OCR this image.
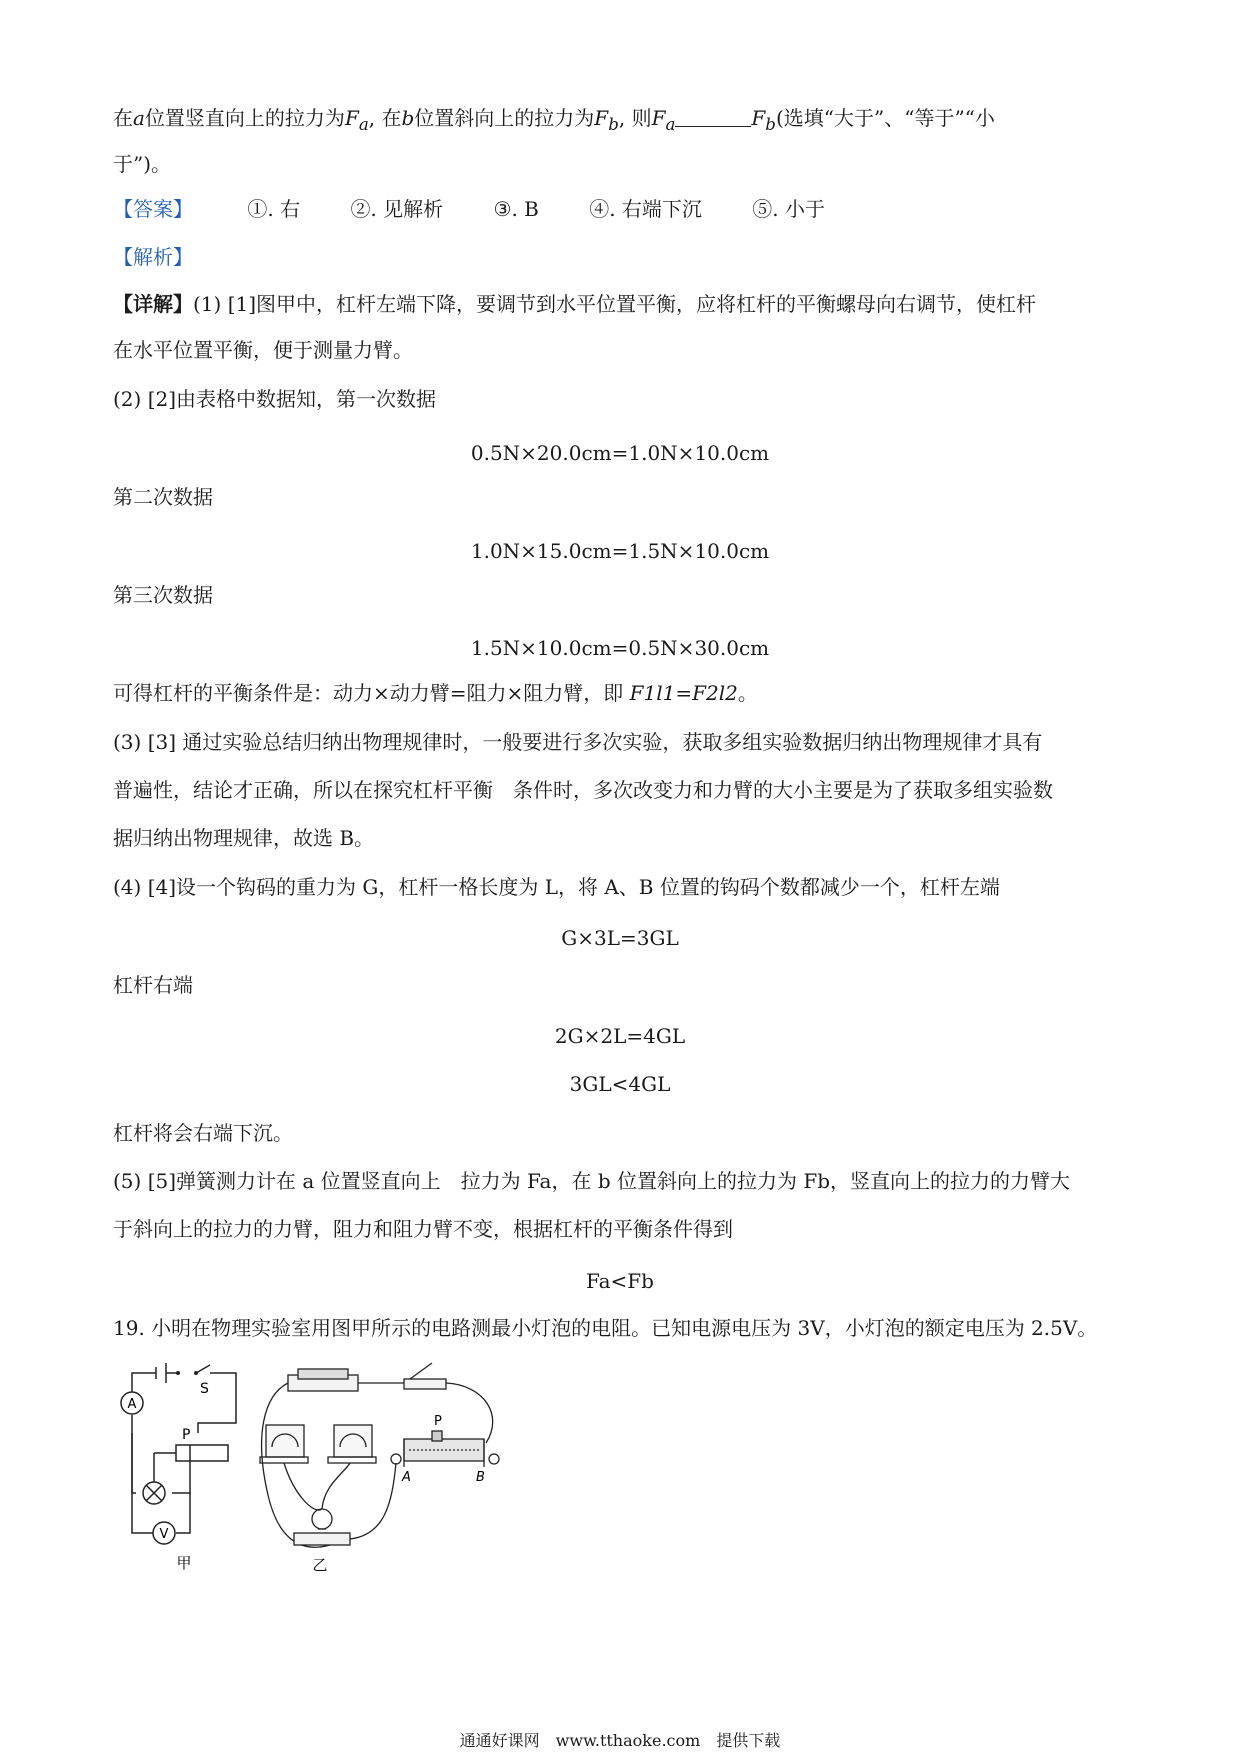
在a位置竖直向上的拉力为$F_a$, 在b位置斜向上的拉力为$F_b$, 则$F_a$	$F_b$(选填“大于”、“等于”“小
于”)。
【答案】	①. 右	②. 见解析	③. B	④. 右端下沉	⑤. 小于
【解析】
【详解】(1) [1]图甲中，杠杆左端下降，要调节到水平位置平衡，应将杠杆的平衡螺母向右调节，使杠杆
在水平位置平衡，便于测量力臂。
(2) [2]由表格中数据知，第一次数据
0.5N×20.0cm=1.0N×10.0cm
第二次数据
1.0N×15.0cm=1.5N×10.0cm
第三次数据
1.5N×10.0cm=0.5N×30.0cm
可得杠杆的平衡条件是：动力×动力臂=阻力×阻力臂，即 F1l1=F2l2。
(3) [3] 通过实验总结归纳出物理规律时，一般要进行多次实验，获取多组实验数据归纳出物理规律才具有
普遍性，结论才正确，所以在探究杠杆平衡　条件时，多次改变力和力臂的大小主要是为了获取多组实验数
据归纳出物理规律，故选 B。
(4) [4]设一个钩码的重力为 G，杠杆一格长度为 L，将 A、B 位置的钩码个数都减少一个，杠杆左端
G×3L=3GL
杠杆右端
2G×2L=4GL
3GL<4GL
杠杆将会右端下沉。
(5) [5]弹簧测力计在 a 位置竖直向上　拉力为 Fa，在 b 位置斜向上的拉力为 Fb，竖直向上的拉力的力臂大
于斜向上的拉力的力臂，阻力和阻力臂不变，根据杠杆的平衡条件得到
Fa<Fb
19. 小明在物理实验室用图甲所示的电路测最小灯泡的电阻。已知电源电压为 3V，小灯泡的额定电压为 2.5V。
A
V
S
P
甲
P
A	B
乙
通通好课网　www.tthaoke.com　提供下载
